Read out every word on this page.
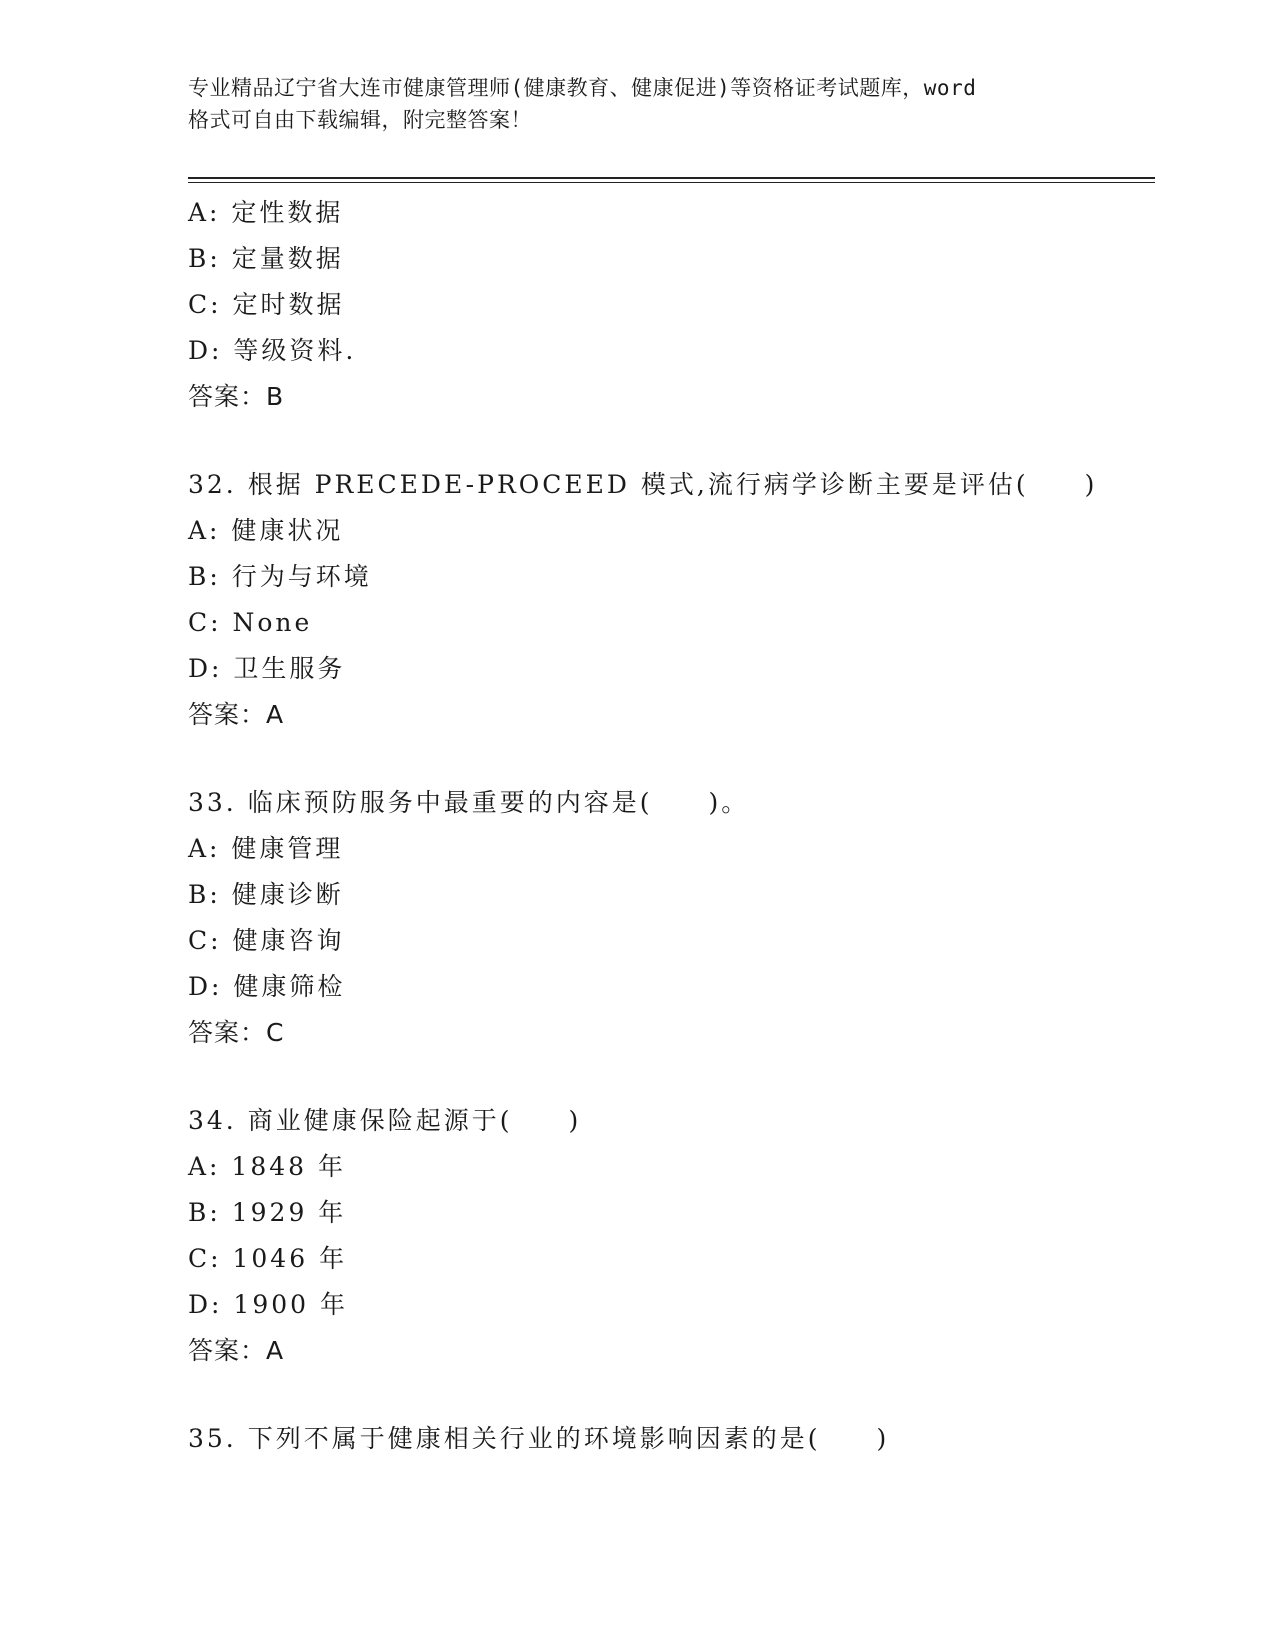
专业精品辽宁省大连市健康管理师(健康教育、健康促进)等资格证考试题库，word
格式可自由下载编辑，附完整答案！
A: 定性数据
B: 定量数据
C: 定时数据
D: 等级资料.
答案：B
32. 根据 PRECEDE-PROCEED 模式,流行病学诊断主要是评估(　　)
A: 健康状况
B: 行为与环境
C: None
D: 卫生服务
答案：A
33. 临床预防服务中最重要的内容是(　　)。
A: 健康管理
B: 健康诊断
C: 健康咨询
D: 健康筛检
答案：C
34. 商业健康保险起源于(　　)
A: 1848 年
B: 1929 年
C: 1046 年
D: 1900 年
答案：A
35. 下列不属于健康相关行业的环境影响因素的是(　　)
